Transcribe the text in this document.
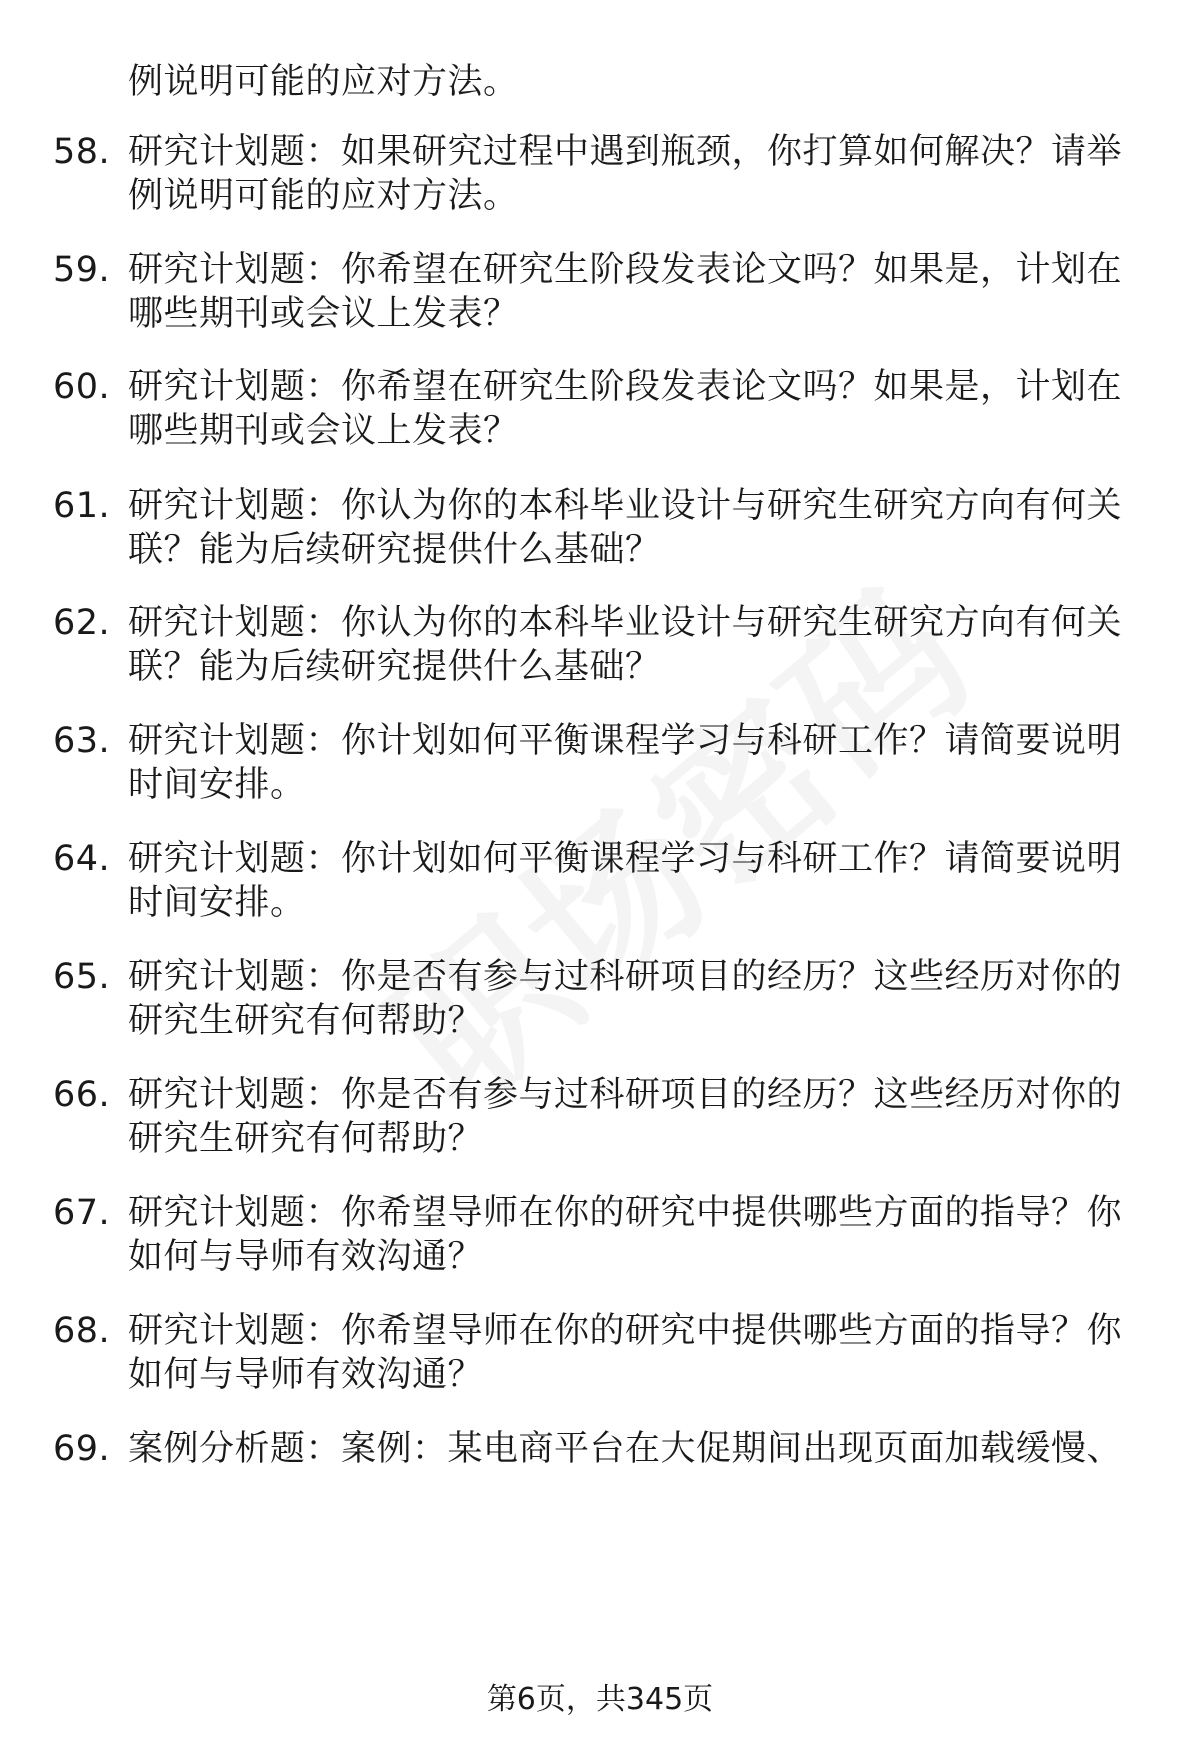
例说明可能的应对方法。
58. 研究计划题：如果研究过程中遇到瓶颈，你打算如何解决？请举
例说明可能的应对方法。
59. 研究计划题：你希望在研究生阶段发表论文吗？如果是，计划在
哪些期刊或会议上发表？
60. 研究计划题：你希望在研究生阶段发表论文吗？如果是，计划在
哪些期刊或会议上发表？
61. 研究计划题：你认为你的本科毕业设计与研究生研究方向有何关
联？能为后续研究提供什么基础？
62. 研究计划题：你认为你的本科毕业设计与研究生研究方向有何关
联？能为后续研究提供什么基础？
63. 研究计划题：你计划如何平衡课程学习与科研工作？请简要说明
时间安排。
64. 研究计划题：你计划如何平衡课程学习与科研工作？请简要说明
时间安排。
65. 研究计划题：你是否有参与过科研项目的经历？这些经历对你的
研究生研究有何帮助？
66. 研究计划题：你是否有参与过科研项目的经历？这些经历对你的
研究生研究有何帮助？
67. 研究计划题：你希望导师在你的研究中提供哪些方面的指导？你
如何与导师有效沟通？
68. 研究计划题：你希望导师在你的研究中提供哪些方面的指导？你
如何与导师有效沟通？
69. 案例分析题：案例：某电商平台在大促期间出现页面加载缓慢、
第6页，共345页
